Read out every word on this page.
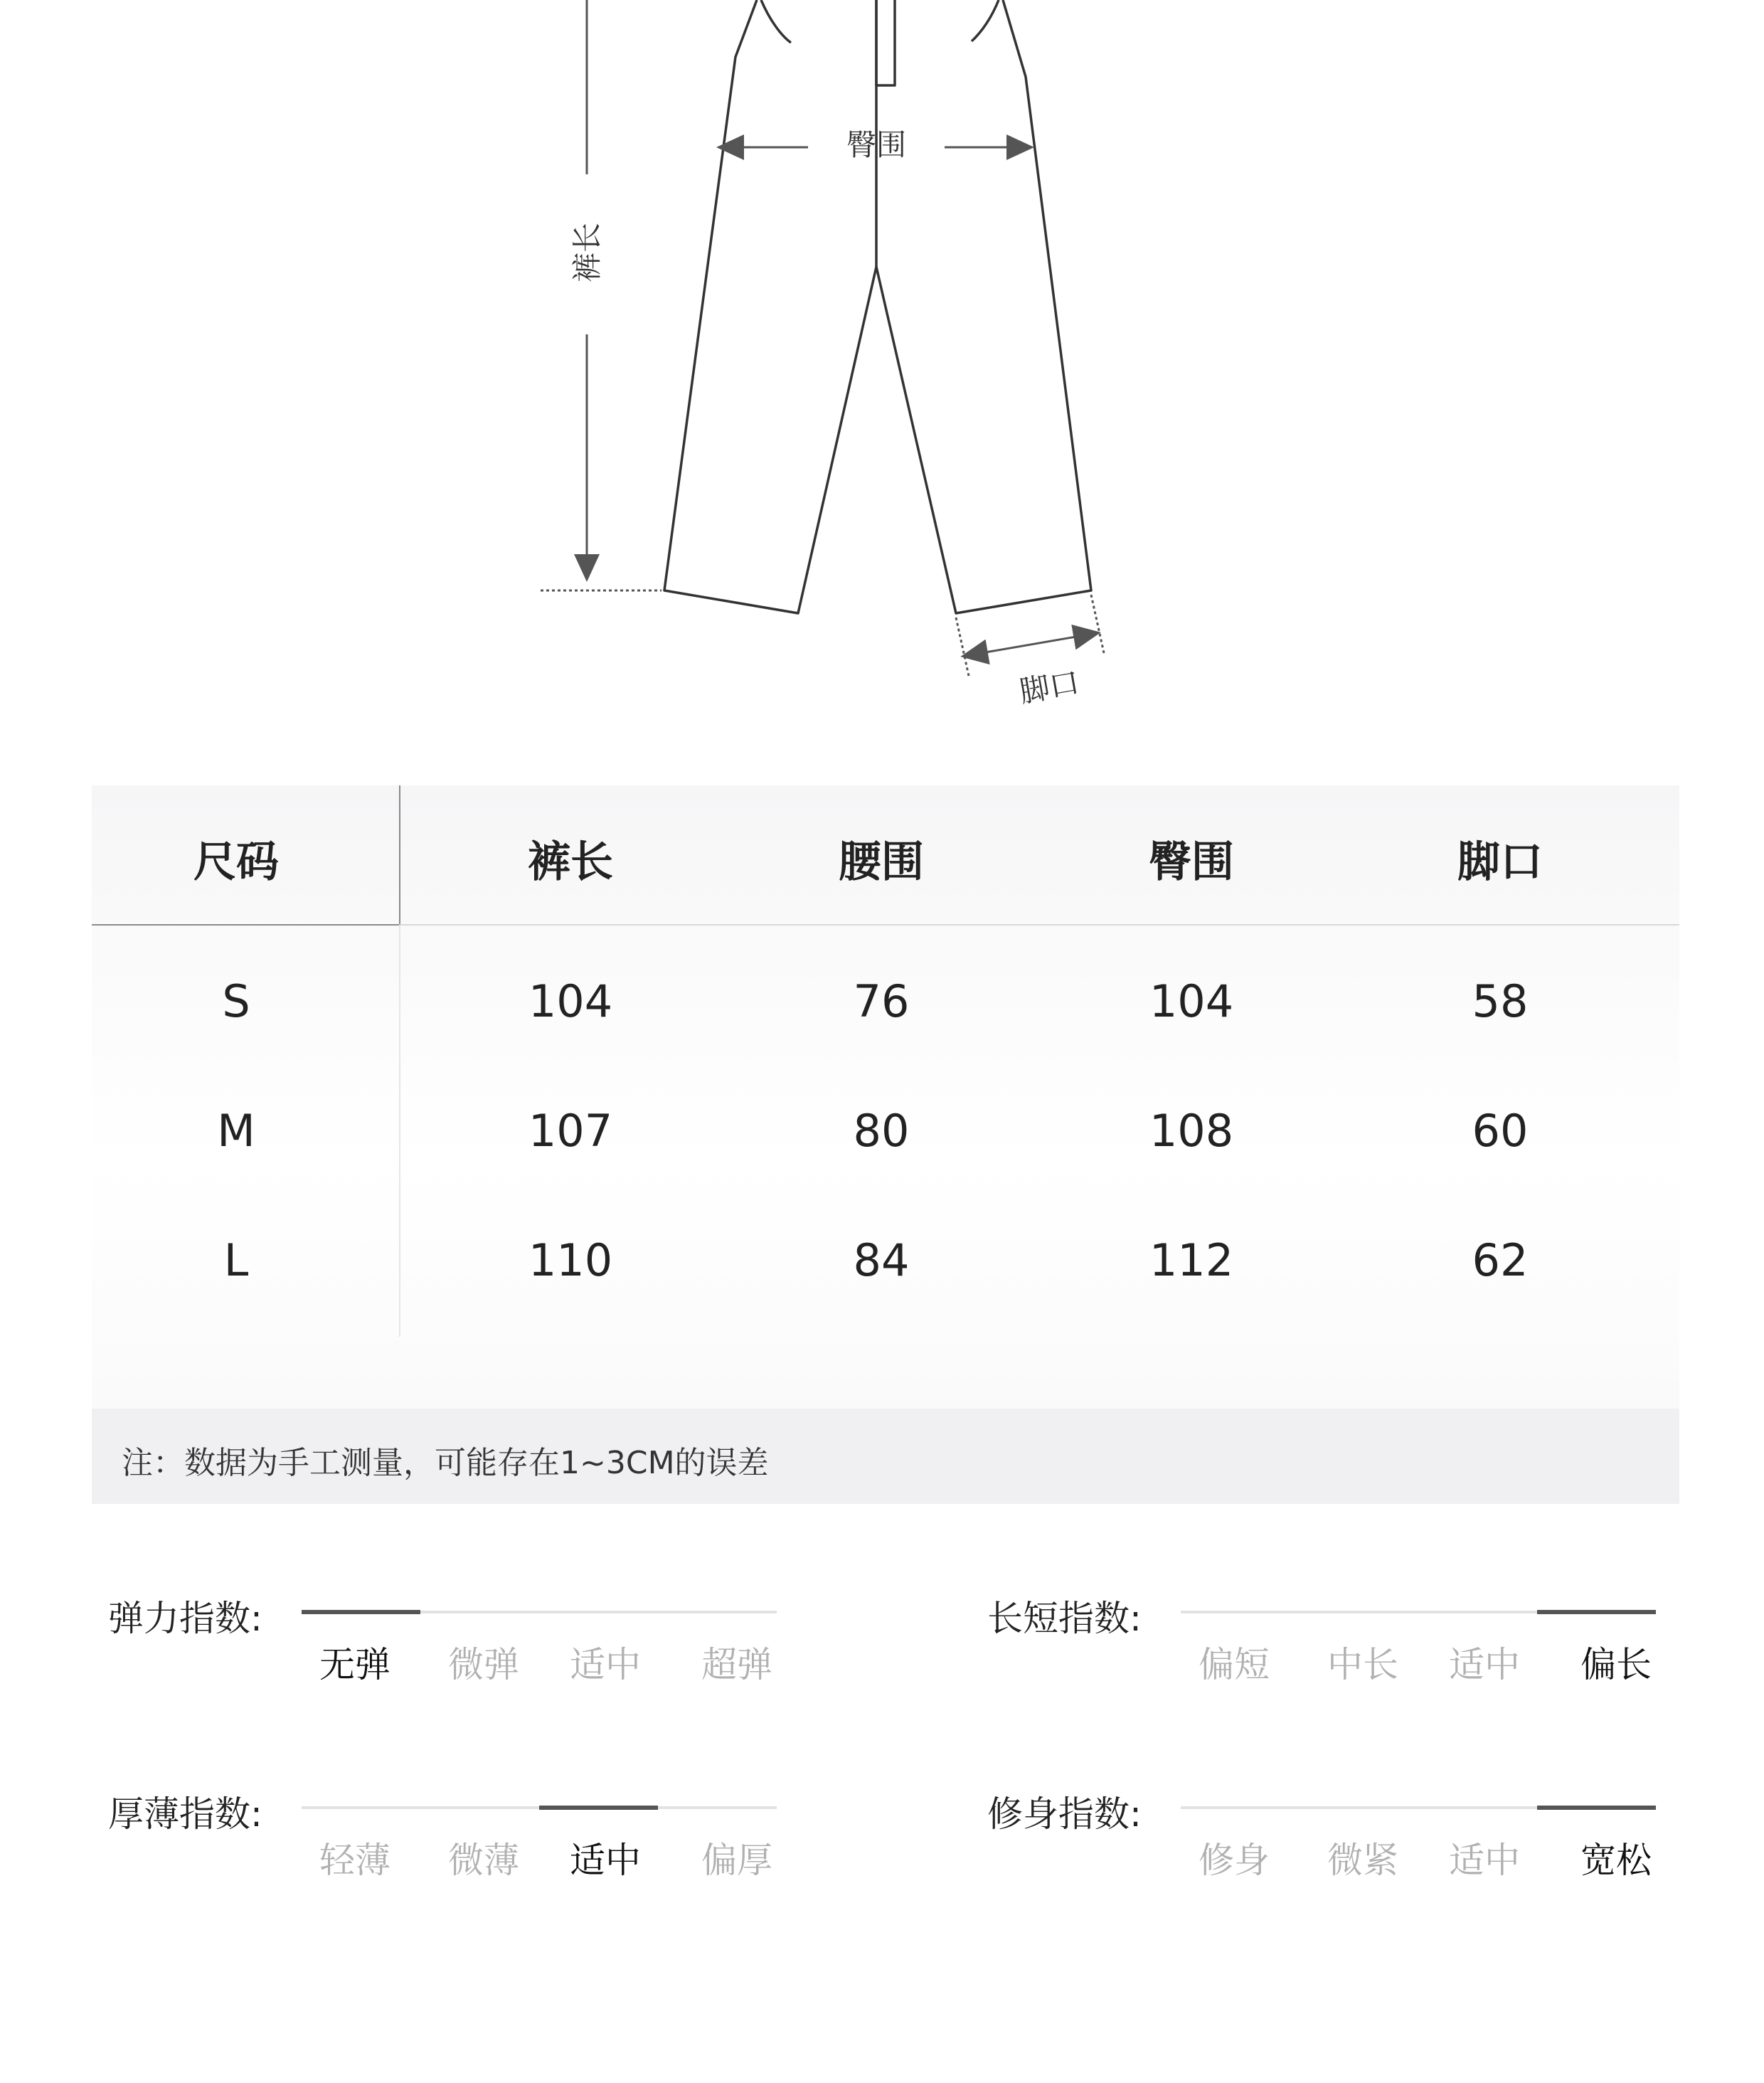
臀围
裤长
脚口
尺码	裤长	腰围	臀围	脚口
S	104	76	104	58
M	107	80	108	60
L	110	84	112	62
注：数据为手工测量，可能存在1~3CM的误差
弹力指数:
无弹 微弹 适中 超弹
长短指数:
偏短 中长 适中 偏长
厚薄指数:
轻薄 微薄 适中 偏厚
修身指数:
修身 微紧 适中 宽松
